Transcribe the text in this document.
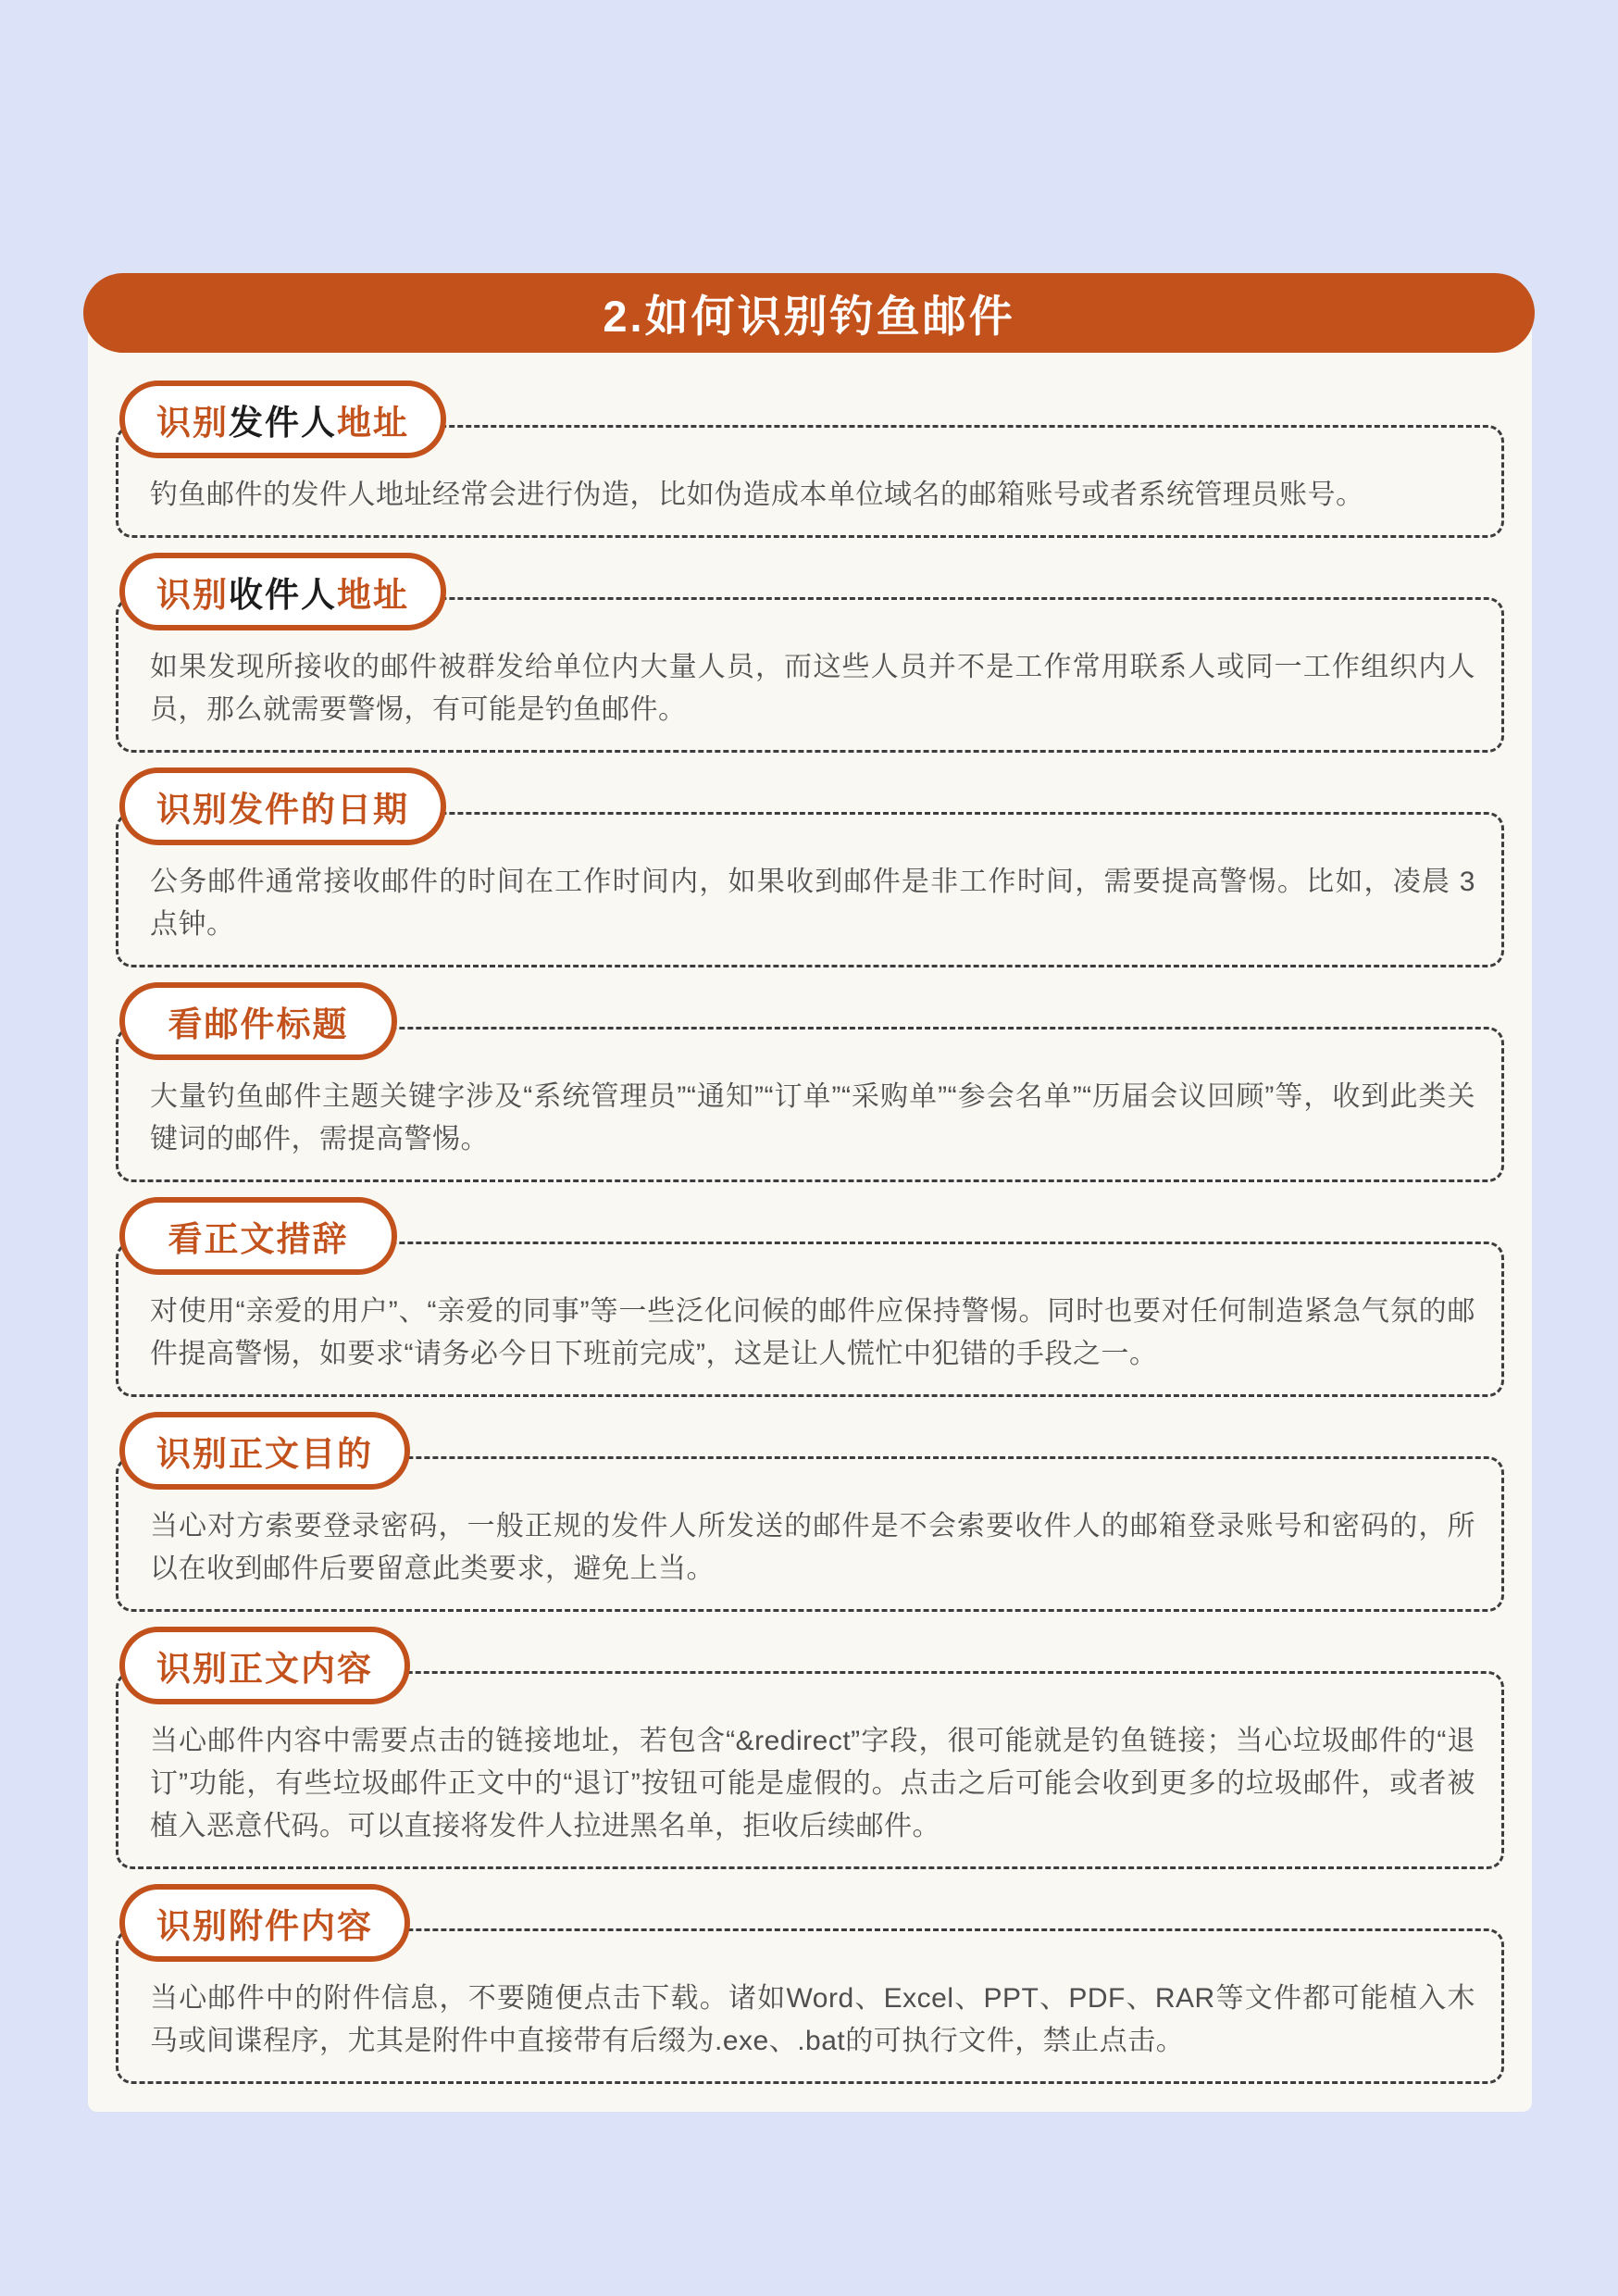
2.如何识别钓鱼邮件
识别 发件人 地址

钓鱼邮件的发件人地址经常会进行伪造，比如伪造成本单位域名的邮箱账号或者系统管理员账号。

识别 收件人 地址

如果发现所接收的邮件被群发给单位内大量人员，而这些人员并不是工作常用联系人或同一工作组织内人员，那么就需要警惕，有可能是钓鱼邮件。

识别发件的日期

公务邮件通常接收邮件的时间在工作时间内，如果收到邮件是非工作时间，需要提高警惕。比如，凌晨 3 点钟。

看邮件标题

大量钓鱼邮件主题关键字涉及“系统管理员”“通知”“订单”“采购单”“参会名单”“历届会议回顾”等，收到此类关键词的邮件，需提高警惕。

看正文措辞

对使用“亲爱的用户”、“亲爱的同事”等一些泛化问候的邮件应保持警惕。同时也要对任何制造紧急气氛的邮件提高警惕，如要求“请务必今日下班前完成”，这是让人慌忙中犯错的手段之一。

识别正文目的

当心对方索要登录密码，一般正规的发件人所发送的邮件是不会索要收件人的邮箱登录账号和密码的，所以在收到邮件后要留意此类要求，避免上当。

识别正文内容

当心邮件内容中需要点击的链接地址，若包含“&redirect”字段，很可能就是钓鱼链接；当心垃圾邮件的“退订”功能，有些垃圾邮件正文中的“退订”按钮可能是虚假的。点击之后可能会收到更多的垃圾邮件，或者被植入恶意代码。可以直接将发件人拉进黑名单，拒收后续邮件。

识别附件内容

当心邮件中的附件信息，不要随便点击下载。诸如Word、Excel、PPT、PDF、RAR等文件都可能植入木马或间谍程序，尤其是附件中直接带有后缀为.exe、.bat的可执行文件，禁止点击。
